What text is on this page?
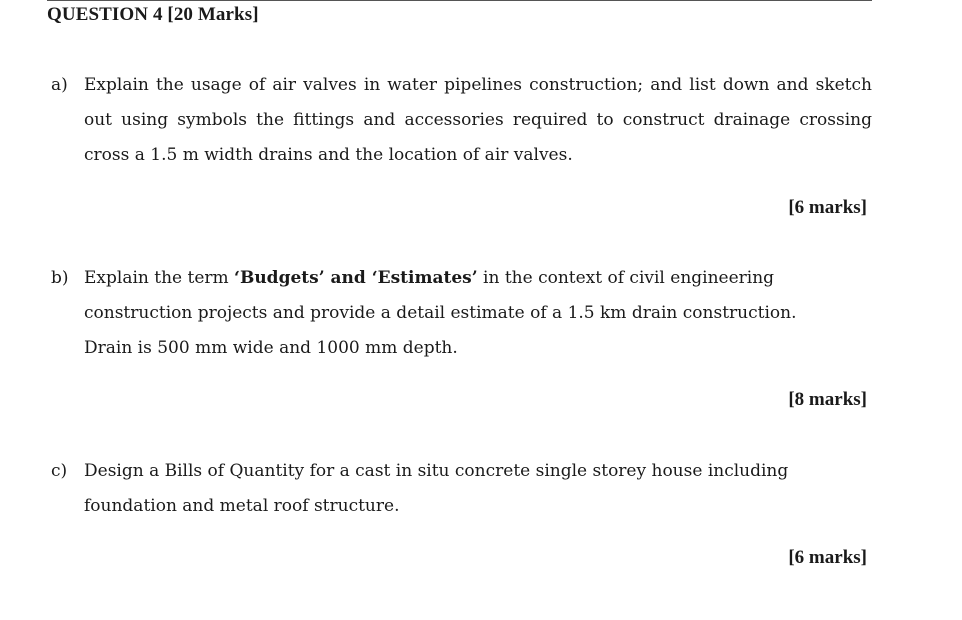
QUESTION 4 [20 Marks]
a) Explain the usage of air valves in water pipelines construction; and list down and sketch
out using symbols the fittings and accessories required to construct drainage crossing
cross a 1.5 m width drains and the location of air valves.
[6 marks]
b) Explain the term ‘Budgets’ and ‘Estimates’ in the context of civil engineering
construction projects and provide a detail estimate of a 1.5 km drain construction.
Drain is 500 mm wide and 1000 mm depth.
[8 marks]
c) Design a Bills of Quantity for a cast in situ concrete single storey house including
foundation and metal roof structure.
[6 marks]
